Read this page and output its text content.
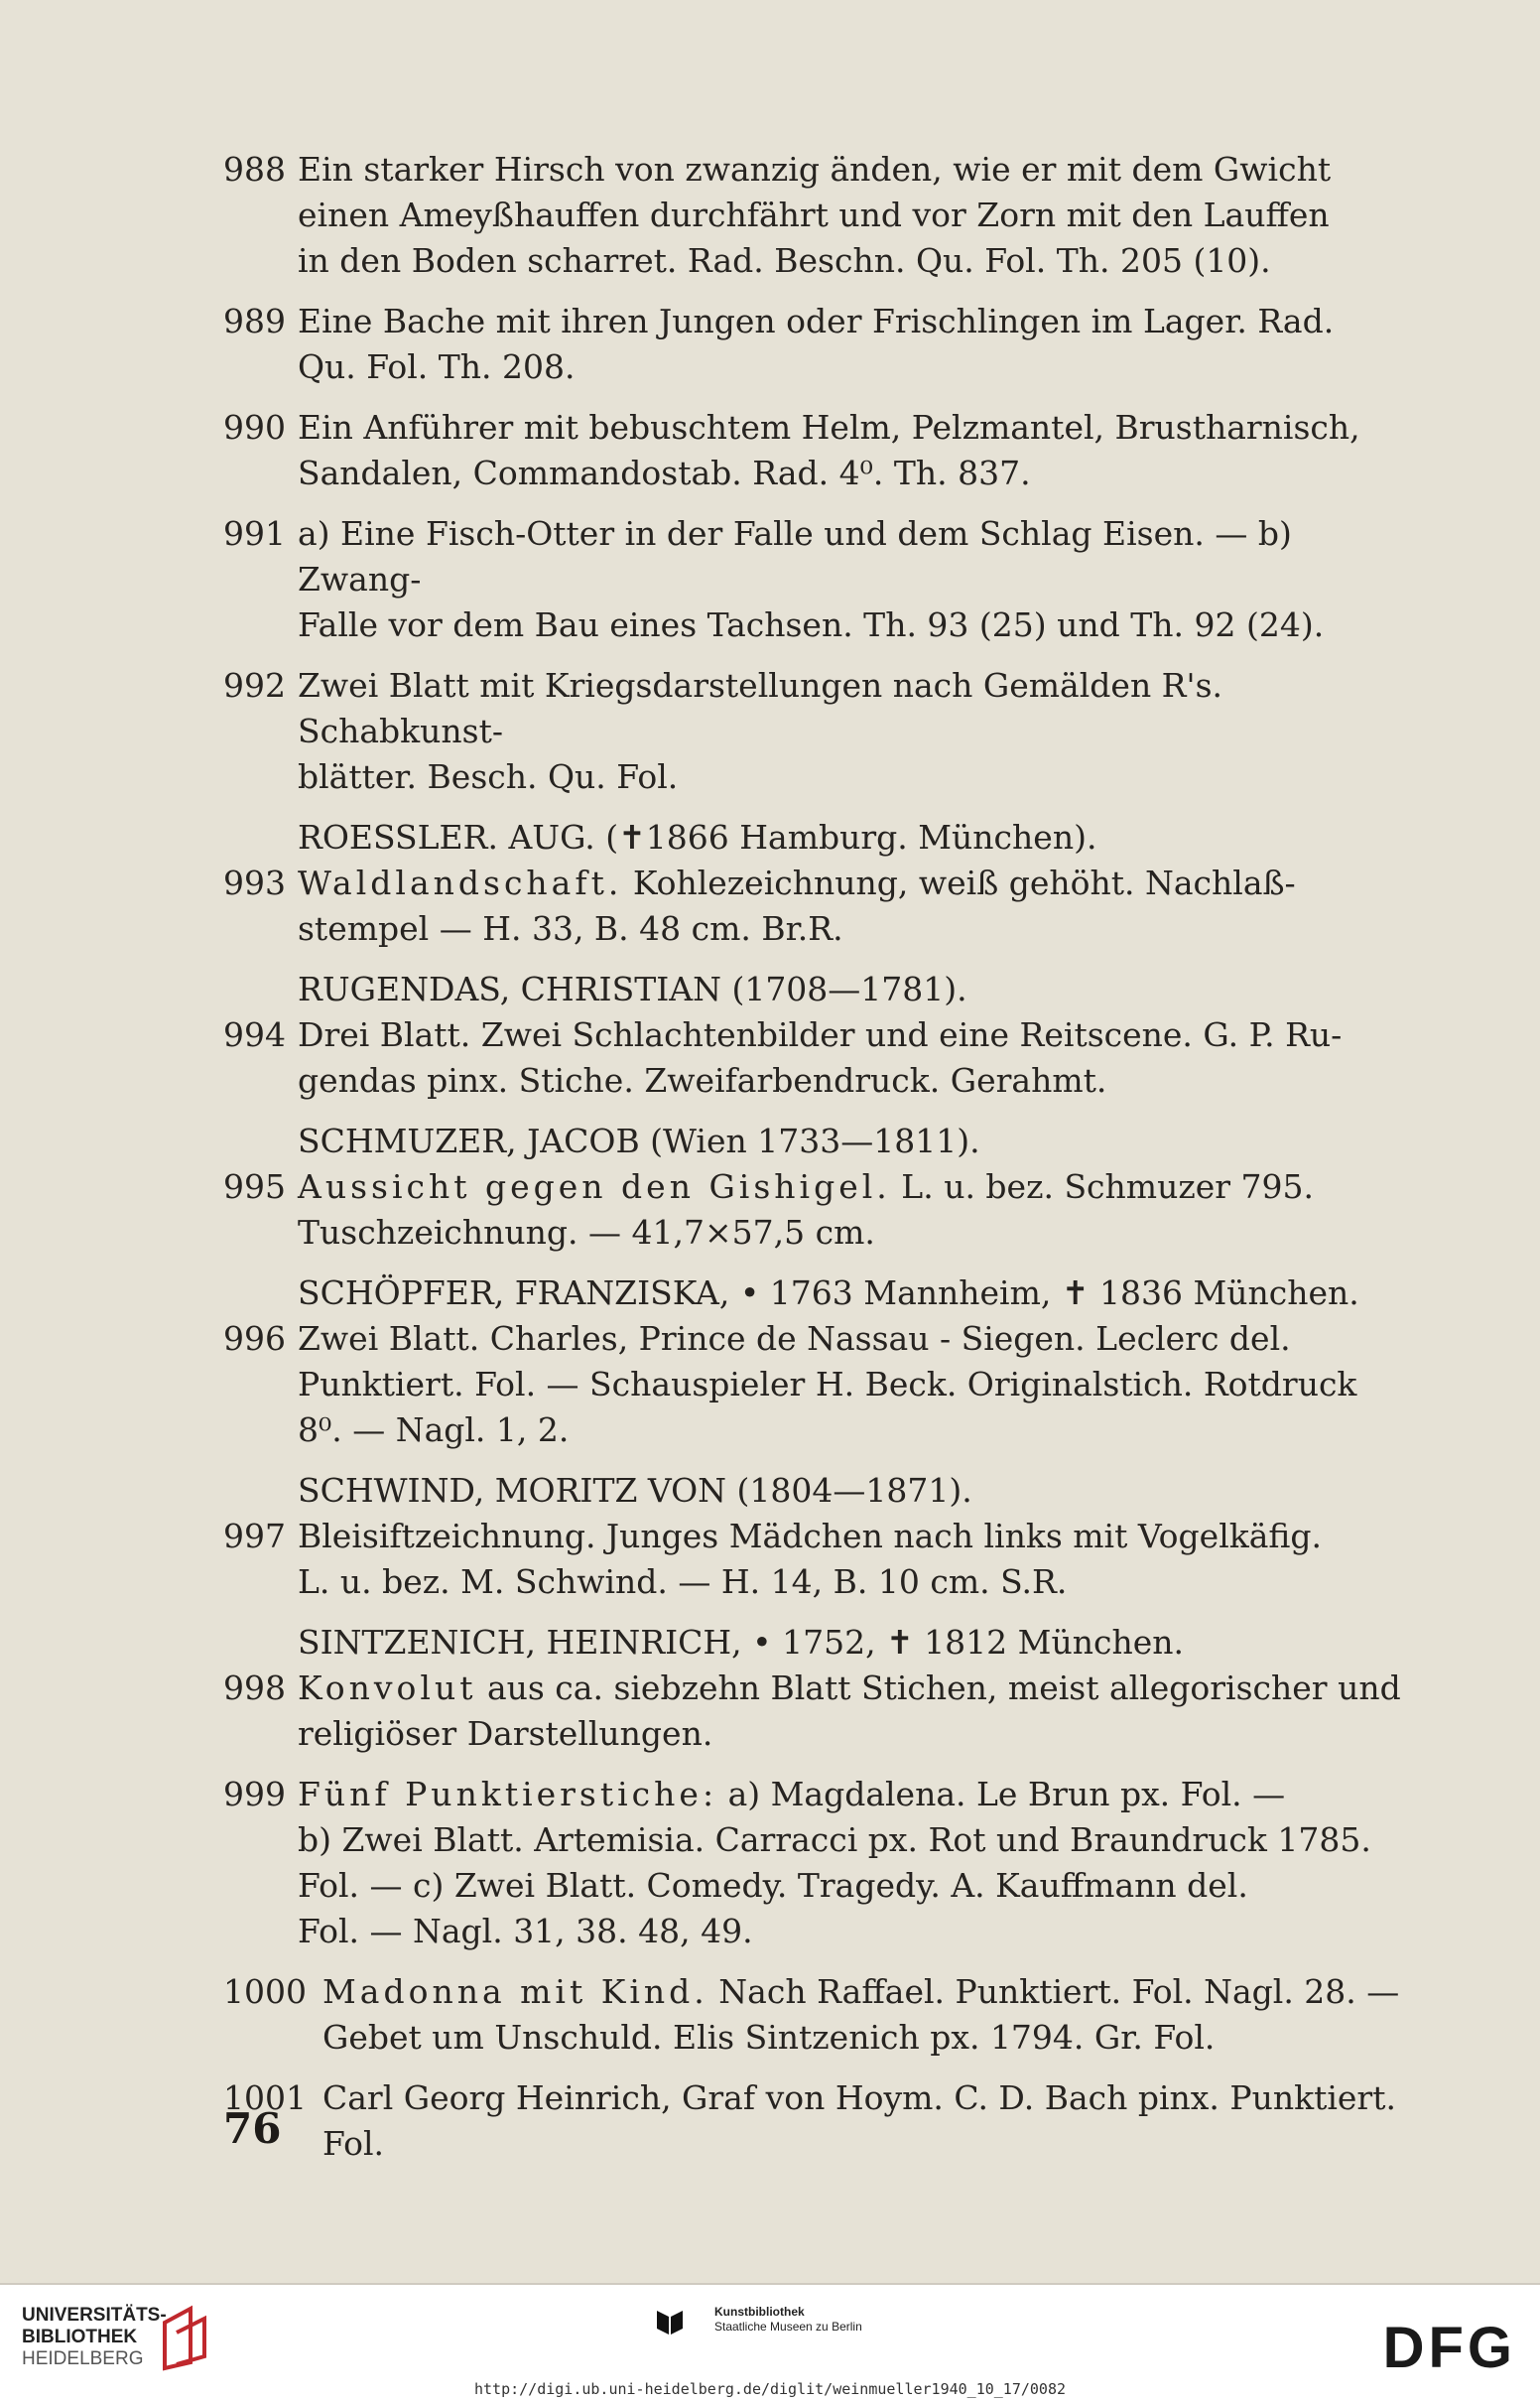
988 Ein starker Hirsch von zwanzig änden, wie er mit dem Gwicht
einen Ameyßhauffen durchfährt und vor Zorn mit den Lauffen
in den Boden scharret. Rad. Beschn. Qu. Fol. Th. 205 (10).
989 Eine Bache mit ihren Jungen oder Frischlingen im Lager. Rad.
Qu. Fol. Th. 208.
990 Ein Anführer mit bebuschtem Helm, Pelzmantel, Brustharnisch,
Sandalen, Commandostab. Rad. 4⁰. Th. 837.
991 a) Eine Fisch-Otter in der Falle und dem Schlag Eisen. — b) Zwang-
Falle vor dem Bau eines Tachsen. Th. 93 (25) und Th. 92 (24).
992 Zwei Blatt mit Kriegsdarstellungen nach Gemälden R's. Schabkunst-
blätter. Besch. Qu. Fol.
ROESSLER. AUG. (✝1866 Hamburg. München).
993 Waldlandschaft. Kohlezeichnung, weiß gehöht. Nachlaß-
stempel — H. 33, B. 48 cm. Br.R.
RUGENDAS, CHRISTIAN (1708—1781).
994 Drei Blatt. Zwei Schlachtenbilder und eine Reitscene. G. P. Ru-
gendas pinx. Stiche. Zweifarbendruck. Gerahmt.
SCHMUZER, JACOB (Wien 1733—1811).
995 Aussicht gegen den Gishigel. L. u. bez. Schmuzer 795.
Tuschzeichnung. — 41,7×57,5 cm.
SCHÖPFER, FRANZISKA, • 1763 Mannheim, ✝ 1836 München.
996 Zwei Blatt. Charles, Prince de Nassau - Siegen. Leclerc del.
Punktiert. Fol. — Schauspieler H. Beck. Originalstich. Rotdruck
8⁰. — Nagl. 1, 2.
SCHWIND, MORITZ VON (1804—1871).
997 Bleisiftzeichnung. Junges Mädchen nach links mit Vogelkäfig.
L. u. bez. M. Schwind. — H. 14, B. 10 cm. S.R.
SINTZENICH, HEINRICH, • 1752, ✝ 1812 München.
998 Konvolut aus ca. siebzehn Blatt Stichen, meist allegorischer und
religiöser Darstellungen.
999 Fünf Punktierstiche: a) Magdalena. Le Brun px. Fol. —
b) Zwei Blatt. Artemisia. Carracci px. Rot und Braundruck 1785.
Fol. — c) Zwei Blatt. Comedy. Tragedy. A. Kauffmann del.
Fol. — Nagl. 31, 38. 48, 49.
1000 Madonna mit Kind. Nach Raffael. Punktiert. Fol. Nagl. 28. —
Gebet um Unschuld. Elis Sintzenich px. 1794. Gr. Fol.
1001 Carl Georg Heinrich, Graf von Hoym. C. D. Bach pinx. Punktiert. Fol.
76
UNIVERSITÄTS-
BIBLIOTHEK
HEIDELBERG
Kunstbibliothek
Staatliche Museen zu Berlin	DFG
http://digi.ub.uni-heidelberg.de/diglit/weinmueller1940_10_17/0082
